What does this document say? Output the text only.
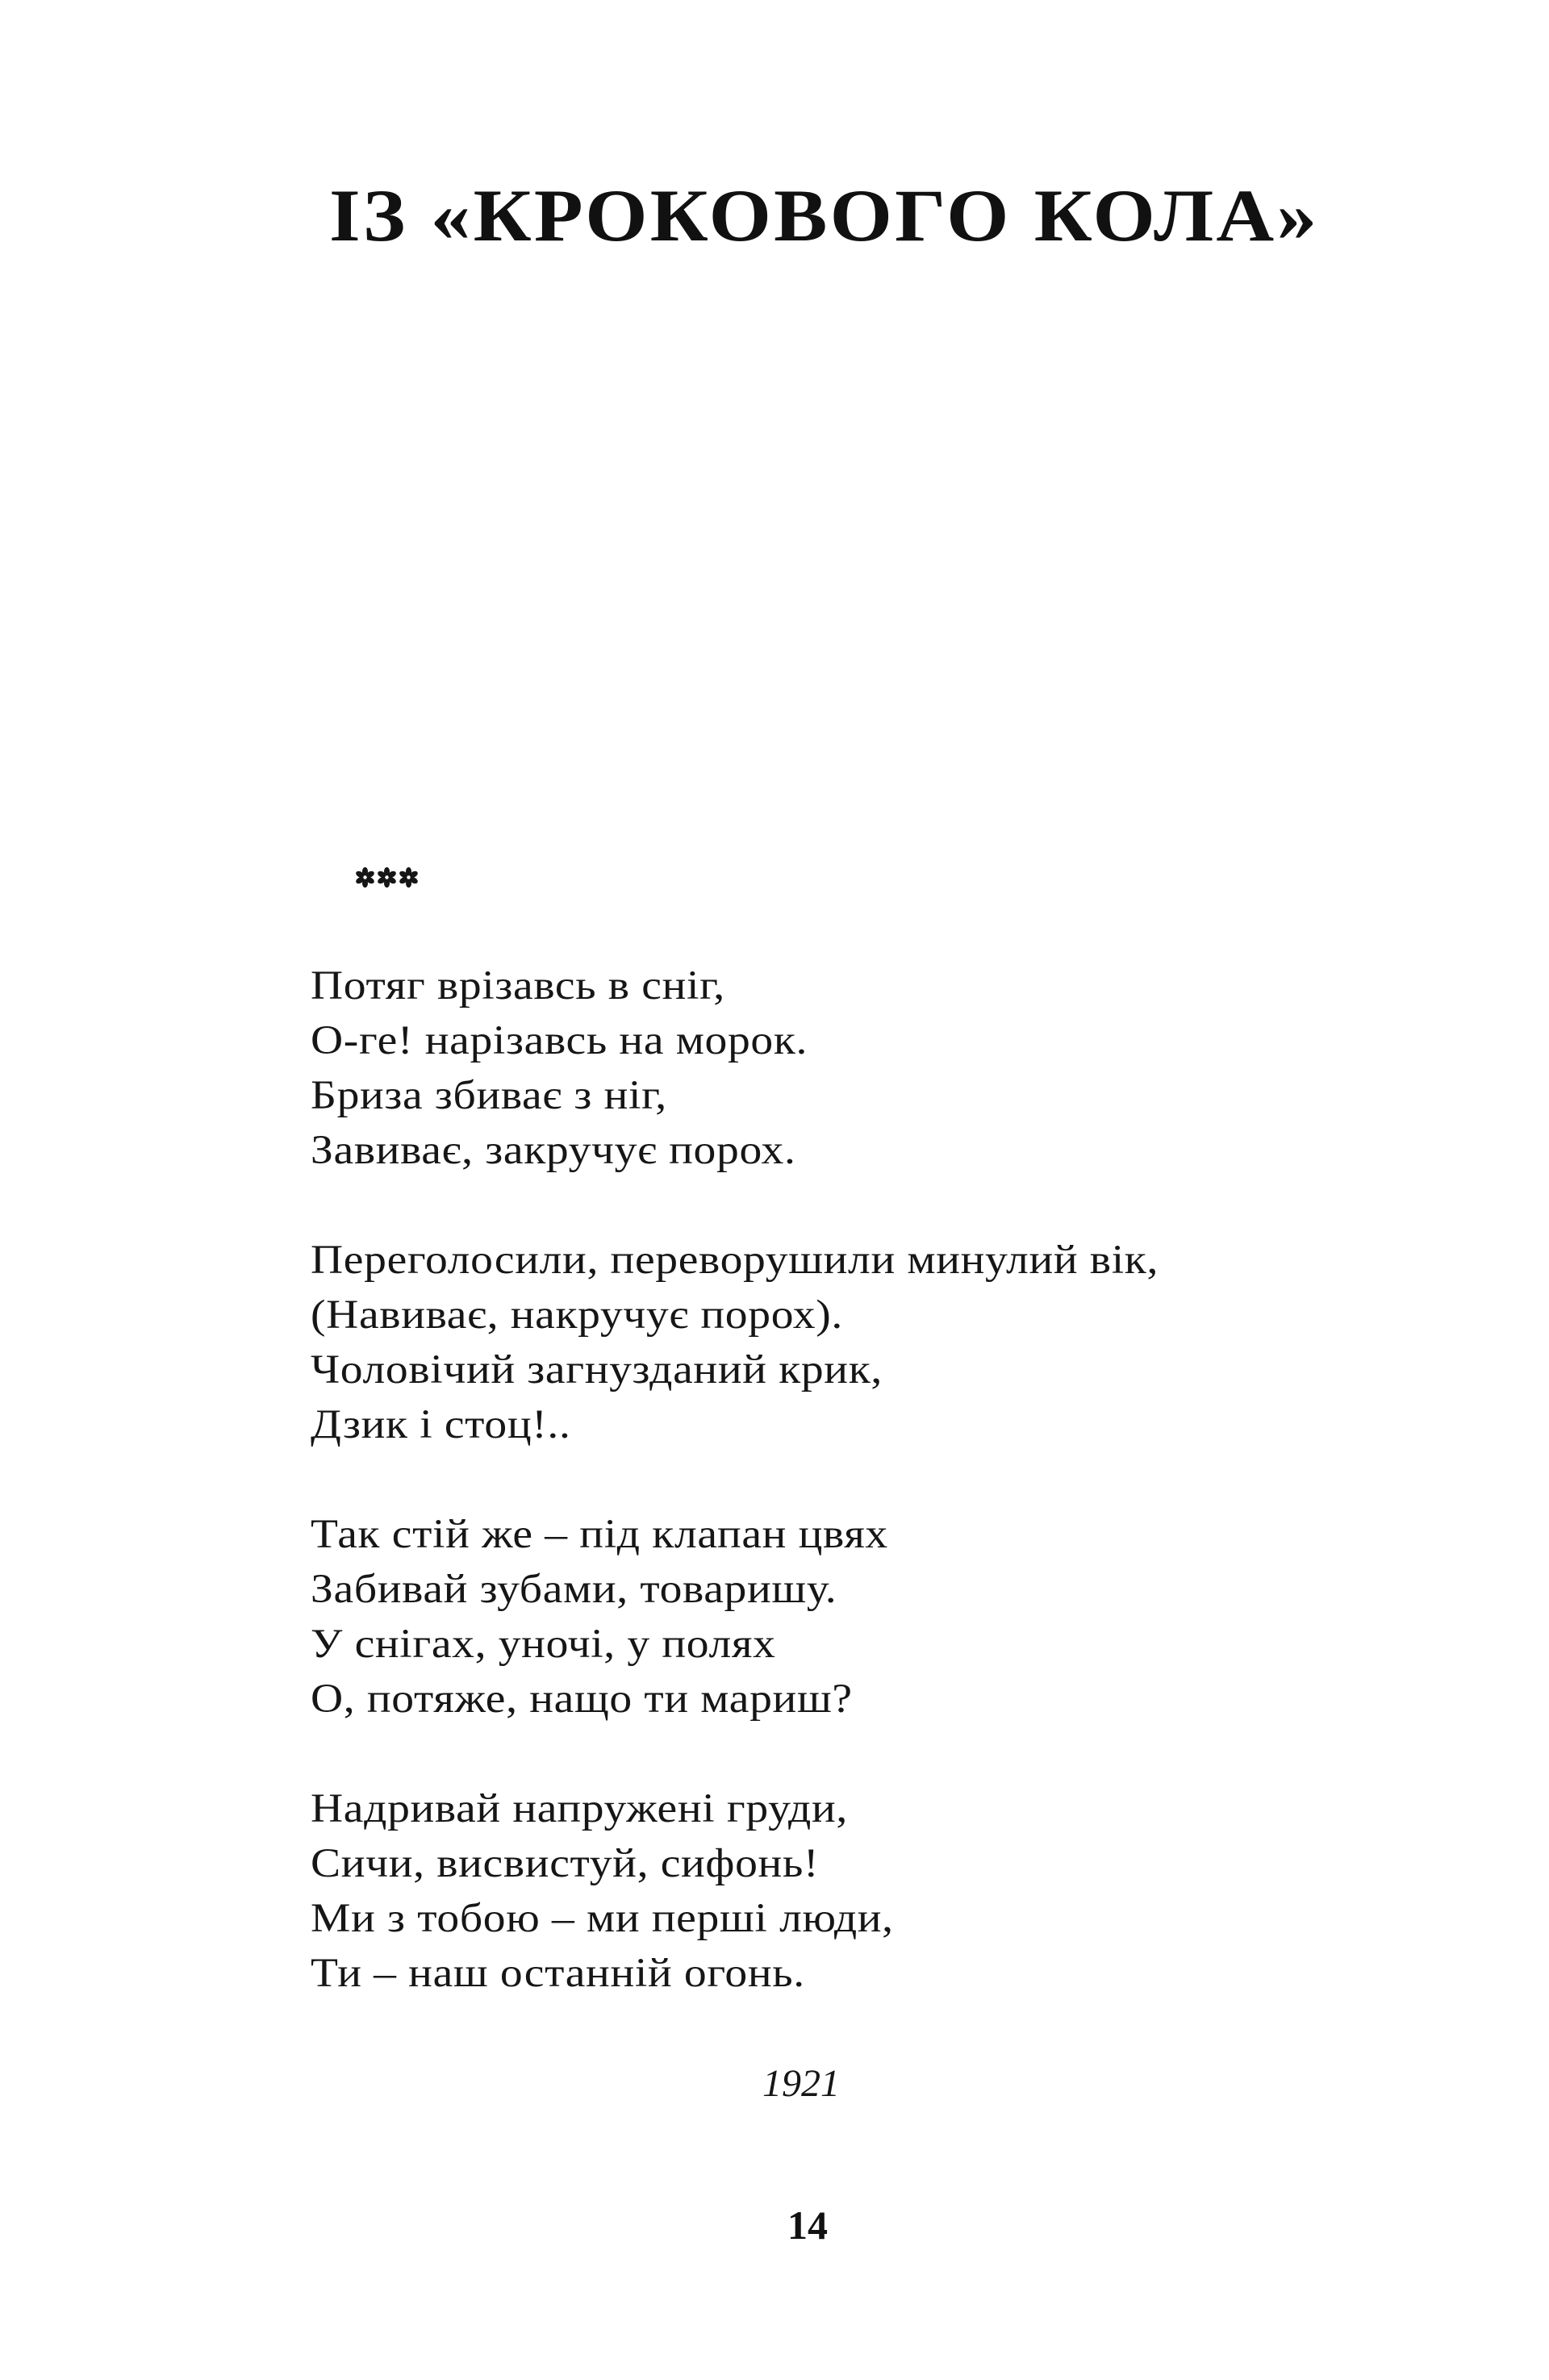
ІЗ «КРОКОВОГО КОЛА»
Потяг врізавсь в сніг,
О-ге! нарізавсь на морок.
Бриза збиває з ніг,
Завиває, закручує порох.
Переголосили, переворушили минулий вік,
(Навиває, накручує порох).
Чоловічий загнузданий крик,
Дзик і стоц!..
Так стій же – під клапан цвях
Забивай зубами, товаришу.
У снігах, уночі, у полях
О, потяже, нащо ти мариш?
Надривай напружені груди,
Сичи, висвистуй, сифонь!
Ми з тобою – ми перші люди,
Ти – наш останній огонь.
1921
14
